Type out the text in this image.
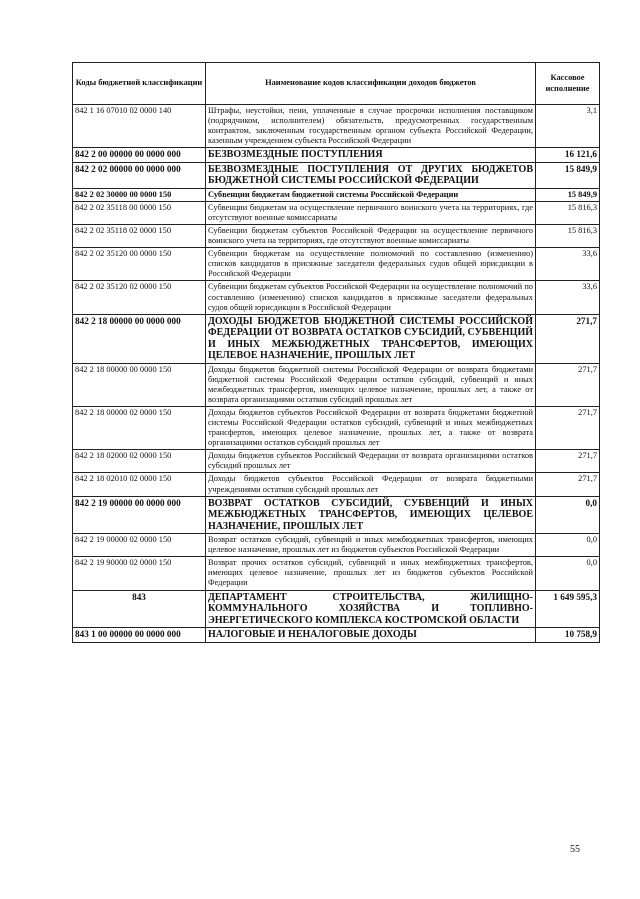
Коды бюджетной классификации	Наименование кодов классификации доходов бюджетов	Кассовое исполнение
842 1 16 07010 02 0000 140	Штрафы, неустойки, пени, уплаченные в случае просрочки исполнения поставщиком (подрядчиком, исполнителем) обязательств, предусмотренных государственным контрактом, заключенным государственным органом субъекта Российской Федерации, казенным учреждением субъекта Российской Федерации	3,1
842 2 00 00000 00 0000 000	БЕЗВОЗМЕЗДНЫЕ ПОСТУПЛЕНИЯ	16 121,6
842 2 02 00000 00 0000 000	БЕЗВОЗМЕЗДНЫЕ ПОСТУПЛЕНИЯ ОТ ДРУГИХ БЮДЖЕТОВ БЮДЖЕТНОЙ СИСТЕМЫ РОССИЙСКОЙ ФЕДЕРАЦИИ	15 849,9
842 2 02 30000 00 0000 150	Субвенции бюджетам бюджетной системы Российской Федерации	15 849,9
842 2 02 35118 00 0000 150	Субвенции бюджетам на осуществление первичного воинского учета на территориях, где отсутствуют военные комиссариаты	15 816,3
842 2 02 35118 02 0000 150	Субвенции бюджетам субъектов Российской Федерации на осуществление первичного воинского учета на территориях, где отсутствуют военные комиссариаты	15 816,3
842 2 02 35120 00 0000 150	Субвенции бюджетам на осуществление полномочий по составлению (изменению) списков кандидатов в присяжные заседатели федеральных судов общей юрисдикции в Российской Федерации	33,6
842 2 02 35120 02 0000 150	Субвенции бюджетам субъектов Российской Федерации на осуществление полномочий по составлению (изменению) списков кандидатов в присяжные заседатели федеральных судов общей юрисдикции в Российской Федерации	33,6
842 2 18 00000 00 0000 000	ДОХОДЫ БЮДЖЕТОВ БЮДЖЕТНОЙ СИСТЕМЫ РОССИЙСКОЙ ФЕДЕРАЦИИ ОТ ВОЗВРАТА ОСТАТКОВ СУБСИДИЙ, СУБВЕНЦИЙ И ИНЫХ МЕЖБЮДЖЕТНЫХ ТРАНСФЕРТОВ, ИМЕЮЩИХ ЦЕЛЕВОЕ НАЗНАЧЕНИЕ, ПРОШЛЫХ ЛЕТ	271,7
842 2 18 00000 00 0000 150	Доходы бюджетов бюджетной системы Российской Федерации от возврата бюджетами бюджетной системы Российской Федерации остатков субсидий, субвенций и иных межбюджетных трансфертов, имеющих целевое назначение, прошлых лет, а также от возврата организациями остатков субсидий прошлых лет	271,7
842 2 18 00000 02 0000 150	Доходы бюджетов субъектов Российской Федерации от возврата бюджетами бюджетной системы Российской Федерации остатков субсидий, субвенций и иных межбюджетных трансфертов, имеющих целевое назначение, прошлых лет, а также от возврата организациями остатков субсидий прошлых лет	271,7
842 2 18 02000 02 0000 150	Доходы бюджетов субъектов Российской Федерации от возврата организациями остатков субсидий прошлых лет	271,7
842 2 18 02010 02 0000 150	Доходы бюджетов субъектов Российской Федерации от возврата бюджетными учреждениями остатков субсидий прошлых лет	271,7
842 2 19 00000 00 0000 000	ВОЗВРАТ ОСТАТКОВ СУБСИДИЙ, СУБВЕНЦИЙ И ИНЫХ МЕЖБЮДЖЕТНЫХ ТРАНСФЕРТОВ, ИМЕЮЩИХ ЦЕЛЕВОЕ НАЗНАЧЕНИЕ, ПРОШЛЫХ ЛЕТ	0,0
842 2 19 00000 02 0000 150	Возврат остатков субсидий, субвенций и иных межбюджетных трансфертов, имеющих целевое назначение, прошлых лет из бюджетов субъектов Российской Федерации	0,0
842 2 19 90000 02 0000 150	Возврат прочих остатков субсидий, субвенций и иных межбюджетных трансфертов, имеющих целевое назначение, прошлых лет из бюджетов субъектов Российской Федерации	0,0
843	ДЕПАРТАМЕНТ СТРОИТЕЛЬСТВА, ЖИЛИЩНО-КОММУНАЛЬНОГО ХОЗЯЙСТВА И ТОПЛИВНО-ЭНЕРГЕТИЧЕСКОГО КОМПЛЕКСА КОСТРОМСКОЙ ОБЛАСТИ	1 649 595,3
843 1 00 00000 00 0000 000	НАЛОГОВЫЕ И НЕНАЛОГОВЫЕ ДОХОДЫ	10 758,9
55
